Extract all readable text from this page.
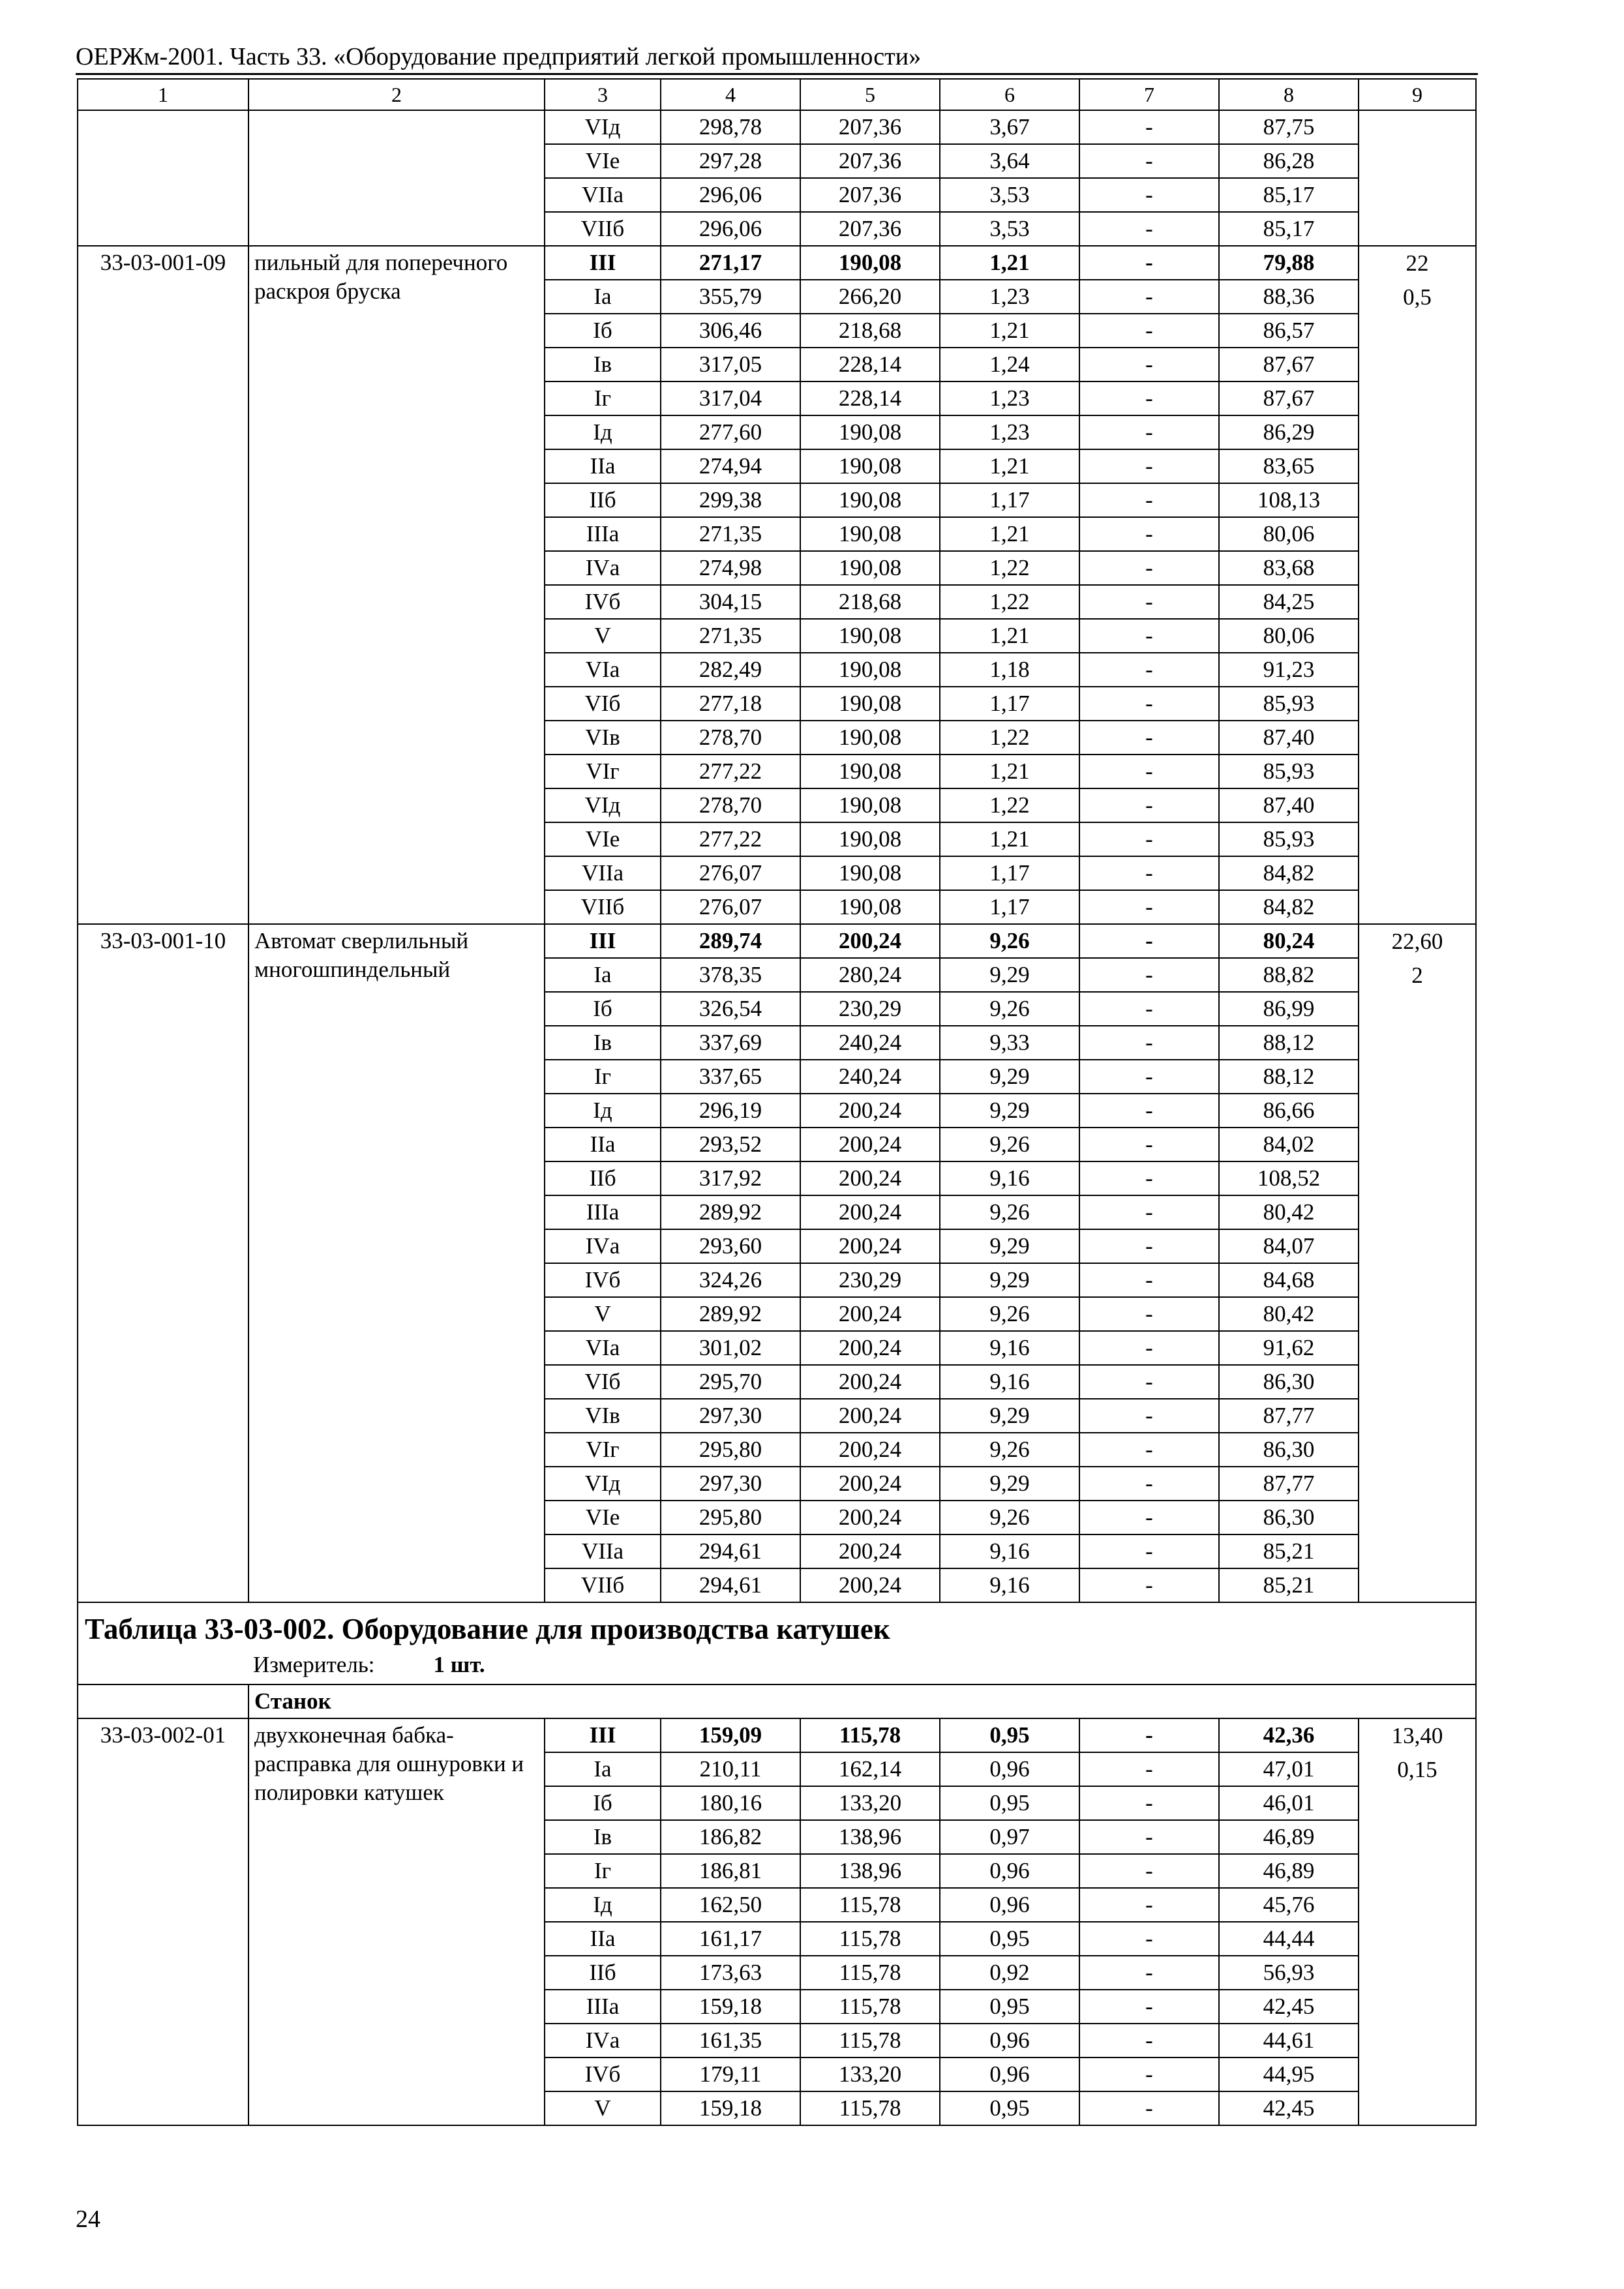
ОЕРЖм-2001. Часть 33. «Оборудование предприятий легкой промышленности»
1	2	3	4	5	6	7	8	9
		VIд	298,78	207,36	3,67	-	87,75	
		VIе	297,28	207,36	3,64	-	86,28	
		VIIа	296,06	207,36	3,53	-	85,17	
		VIIб	296,06	207,36	3,53	-	85,17	
33-03-001-09	пильный для поперечного раскроя бруска	III	271,17	190,08	1,21	-	79,88	22
0,5

		Iа	355,79	266,20	1,23	-	88,36	
		Iб	306,46	218,68	1,21	-	86,57	
		Iв	317,05	228,14	1,24	-	87,67	
		Iг	317,04	228,14	1,23	-	87,67	
		Iд	277,60	190,08	1,23	-	86,29	
		IIа	274,94	190,08	1,21	-	83,65	
		IIб	299,38	190,08	1,17	-	108,13	
		IIIа	271,35	190,08	1,21	-	80,06	
		IVа	274,98	190,08	1,22	-	83,68	
		IVб	304,15	218,68	1,22	-	84,25	
		V	271,35	190,08	1,21	-	80,06	
		VIа	282,49	190,08	1,18	-	91,23	
		VIб	277,18	190,08	1,17	-	85,93	
		VIв	278,70	190,08	1,22	-	87,40	
		VIг	277,22	190,08	1,21	-	85,93	
		VIд	278,70	190,08	1,22	-	87,40	
		VIе	277,22	190,08	1,21	-	85,93	
		VIIа	276,07	190,08	1,17	-	84,82	
		VIIб	276,07	190,08	1,17	-	84,82	
33-03-001-10	Автомат сверлильный многошпиндельный	III	289,74	200,24	9,26	-	80,24	22,60
2

		Iа	378,35	280,24	9,29	-	88,82	
		Iб	326,54	230,29	9,26	-	86,99	
		Iв	337,69	240,24	9,33	-	88,12	
		Iг	337,65	240,24	9,29	-	88,12	
		Iд	296,19	200,24	9,29	-	86,66	
		IIа	293,52	200,24	9,26	-	84,02	
		IIб	317,92	200,24	9,16	-	108,52	
		IIIа	289,92	200,24	9,26	-	80,42	
		IVа	293,60	200,24	9,29	-	84,07	
		IVб	324,26	230,29	9,29	-	84,68	
		V	289,92	200,24	9,26	-	80,42	
		VIа	301,02	200,24	9,16	-	91,62	
		VIб	295,70	200,24	9,16	-	86,30	
		VIв	297,30	200,24	9,29	-	87,77	
		VIг	295,80	200,24	9,26	-	86,30	
		VIд	297,30	200,24	9,29	-	87,77	
		VIе	295,80	200,24	9,26	-	86,30	
		VIIа	294,61	200,24	9,16	-	85,21	
		VIIб	294,61	200,24	9,16	-	85,21	

Таблица 33-03-002. Оборудование для производства катушек
Измеритель: 1 шт.								

	Станок							
33-03-002-01	двухконечная бабка-расправка для ошнуровки и полировки катушек	III	159,09	115,78	0,95	-	42,36	13,40
0,15

		Iа	210,11	162,14	0,96	-	47,01	
		Iб	180,16	133,20	0,95	-	46,01	
		Iв	186,82	138,96	0,97	-	46,89	
		Iг	186,81	138,96	0,96	-	46,89	
		Iд	162,50	115,78	0,96	-	45,76	
		IIа	161,17	115,78	0,95	-	44,44	
		IIб	173,63	115,78	0,92	-	56,93	
		IIIа	159,18	115,78	0,95	-	42,45	
		IVа	161,35	115,78	0,96	-	44,61	
		IVб	179,11	133,20	0,96	-	44,95	
		V	159,18	115,78	0,95	-	42,45	
24
